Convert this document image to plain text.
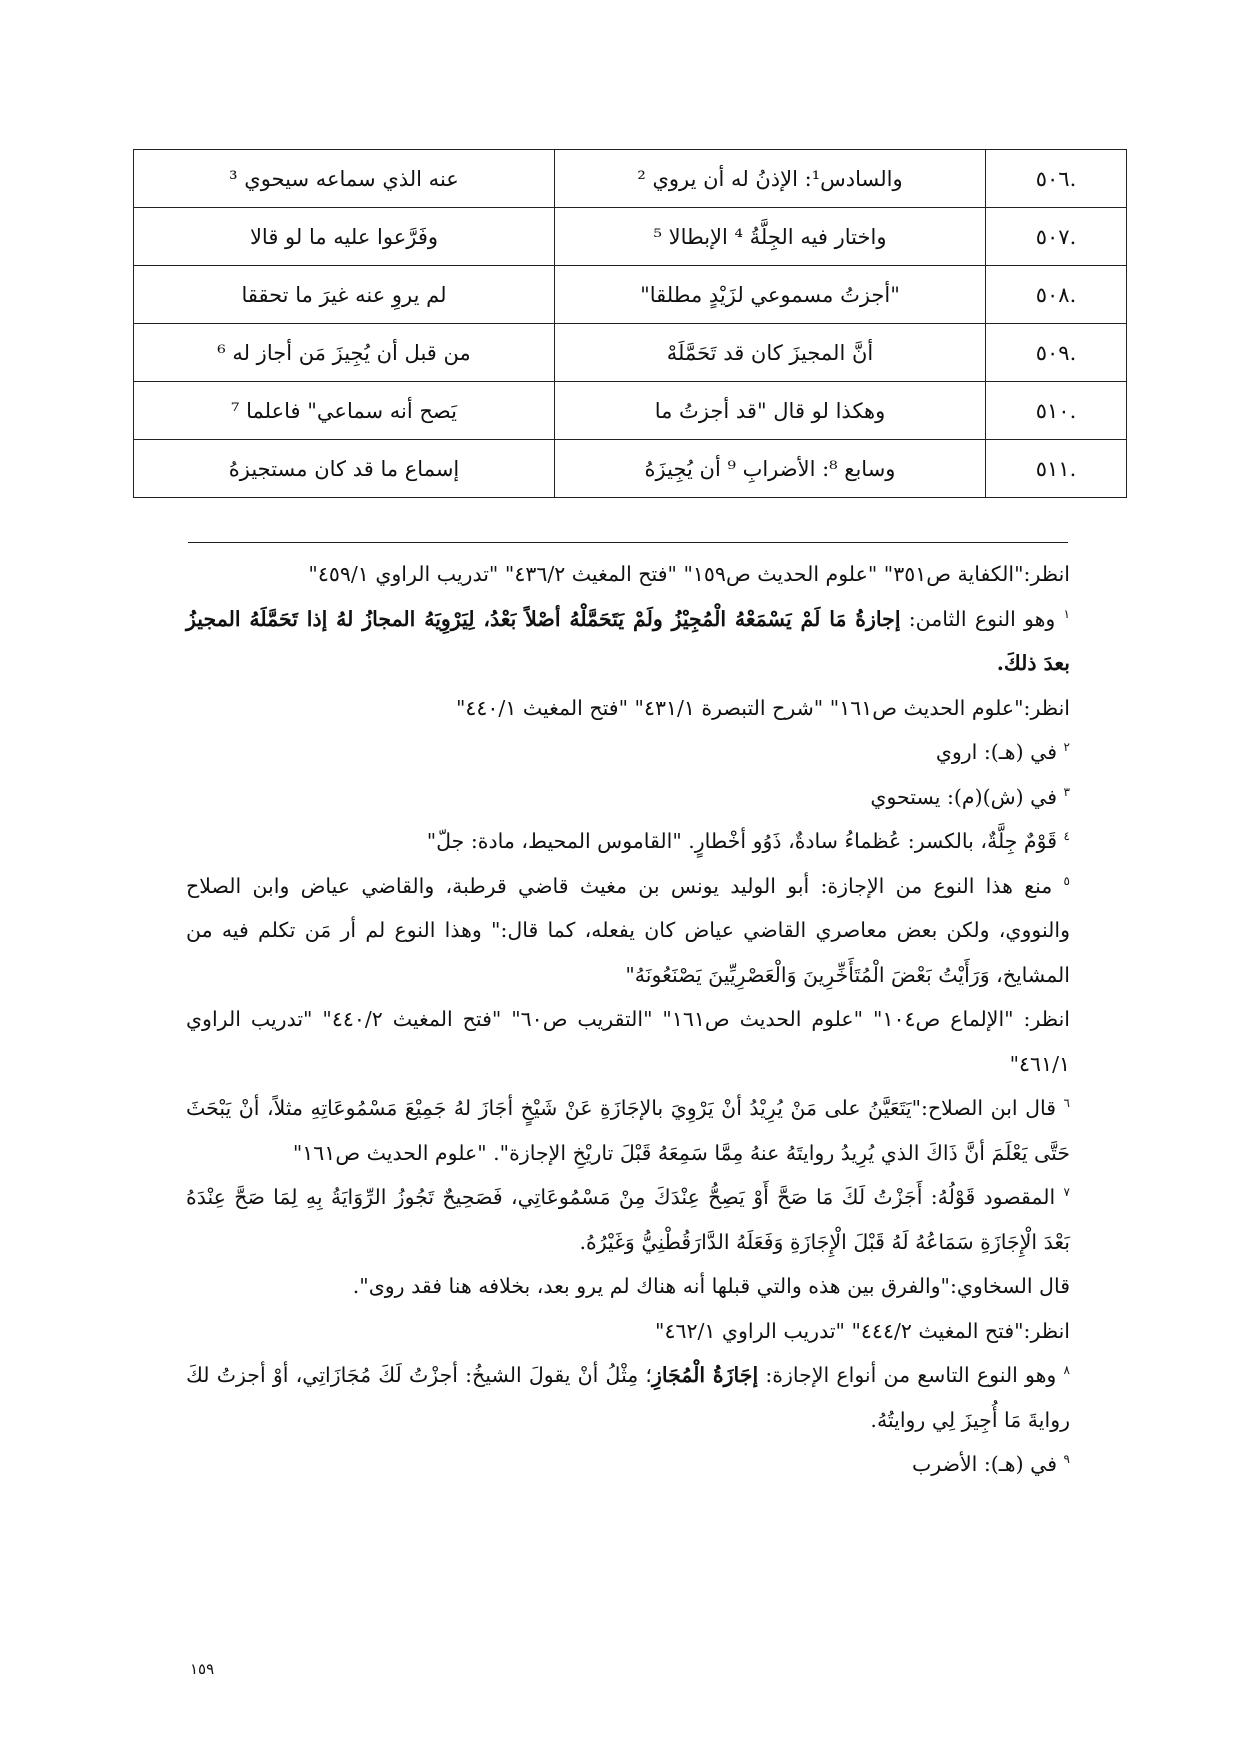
.٥٠٦	والسادس¹: الإذنُ له أن يروي ²	عنه الذي سماعه سيحوي ³
.٥٠٧	واختار فيه الجِلَّةُ ⁴ الإبطالا ⁵	وفَرَّعوا عليه ما لو قالا
.٥٠٨	"أجزتُ مسموعي لزَيْدٍ مطلقا"	لم يروِ عنه غيرَ ما تحققا
.٥٠٩	أنَّ المجيزَ كان قد تَحَمَّلَهْ	من قبل أن يُجِيزَ مَن أجاز له ⁶
.٥١٠	وهكذا لو قال "قد أجزتُ ما	يَصح أنه سماعي" فاعلما ⁷
.٥١١	وسابع ⁸: الأضرابِ ⁹ أن يُجِيزَهُ	إسماع ما قد كان مستجيزهُ

انظر:"الكفاية ص٣٥١" "علوم الحديث ص١٥٩" "فتح المغيث ٤٣٦/٢" "تدريب الراوي ٤٥٩/١"

$^١$ وهو النوع الثامن: إجازةُ مَا لَمْ يَسْمَعْهُ الْمُجِيْزُ ولَمْ يَتَحَمَّلْهُ أصْلاً بَعْدُ، لِيَرْوِيَهُ المجازُ لهُ إذا تَحَمَّلَهُ المجيزُ بعدَ ذلكَ.

انظر:"علوم الحديث ص١٦١" "شرح التبصرة ٤٣١/١" "فتح المغيث ٤٤٠/١"

$^٢$ في (هـ): اروي

$^٣$ في (ش)(م): يستحوي

$^٤$ قَوْمٌ جِلَّةٌ، بالكسر: عُظماءُ سادةٌ، ذَوُو أخْطارٍ. "القاموس المحيط، مادة: جلّ"

$^٥$ منع هذا النوع من الإجازة: أبو الوليد يونس بن مغيث قاضي قرطبة، والقاضي عياض وابن الصلاح والنووي، ولكن بعض معاصري القاضي عياض كان يفعله، كما قال:" وهذا النوع لم أر مَن تكلم فيه من المشايخ، وَرَأَيْتُ بَعْضَ الْمُتَأَخِّرِينَ وَالْعَصْرِيِّينَ يَصْنَعُونَهُ"

انظر: "الإلماع ص١٠٤" "علوم الحديث ص١٦١" "التقريب ص٦٠" "فتح المغيث ٤٤٠/٢" "تدريب الراوي ٤٦١/١"

$^٦$ قال ابن الصلاح:"يَتَعَيَّنُ على مَنْ يُرِيْدُ أنْ يَرْوِيَ بالإجَازَةِ عَنْ شَيْخٍ أجَازَ لهُ جَمِيْعَ مَسْمُوعَاتِهِ مثلاً، أنْ يَبْحَثَ حَتَّى يَعْلَمَ أنَّ ذَاكَ الذي يُرِيدُ روايتَهُ عنهُ مِمَّا سَمِعَهُ قَبْلَ تاريْخِ الإجازة". "علوم الحديث ص١٦١"

$^٧$ المقصود قَوْلُهُ: أَجَزْتُ لَكَ مَا صَحَّ أَوْ يَصِحُّ عِنْدَكَ مِنْ مَسْمُوعَاتِي، فَصَحِيحٌ تَجُوزُ الرِّوَايَةُ بِهِ لِمَا صَحَّ عِنْدَهُ بَعْدَ الْإِجَازَةِ سَمَاعُهُ لَهُ قَبْلَ الْإِجَازَةِ وَفَعَلَهُ الدَّارَقُطْنِيُّ وَغَيْرُهُ.

قال السخاوي:"والفرق بين هذه والتي قبلها أنه هناك لم يرو بعد، بخلافه هنا فقد روى".

انظر:"فتح المغيث ٤٤٤/٢" "تدريب الراوي ٤٦٢/١"

$^٨$ وهو النوع التاسع من أنواع الإجازة: إجَازَةُ الْمُجَازِ؛ مِثْلُ أنْ يقولَ الشيخُ: أجزْتُ لَكَ مُجَازَاتِي، أوْ أجزتُ لكَ روايةَ مَا أُجِيزَ لِي روايتُهُ.

$^٩$ في (هـ): الأضرب

١٥٩
